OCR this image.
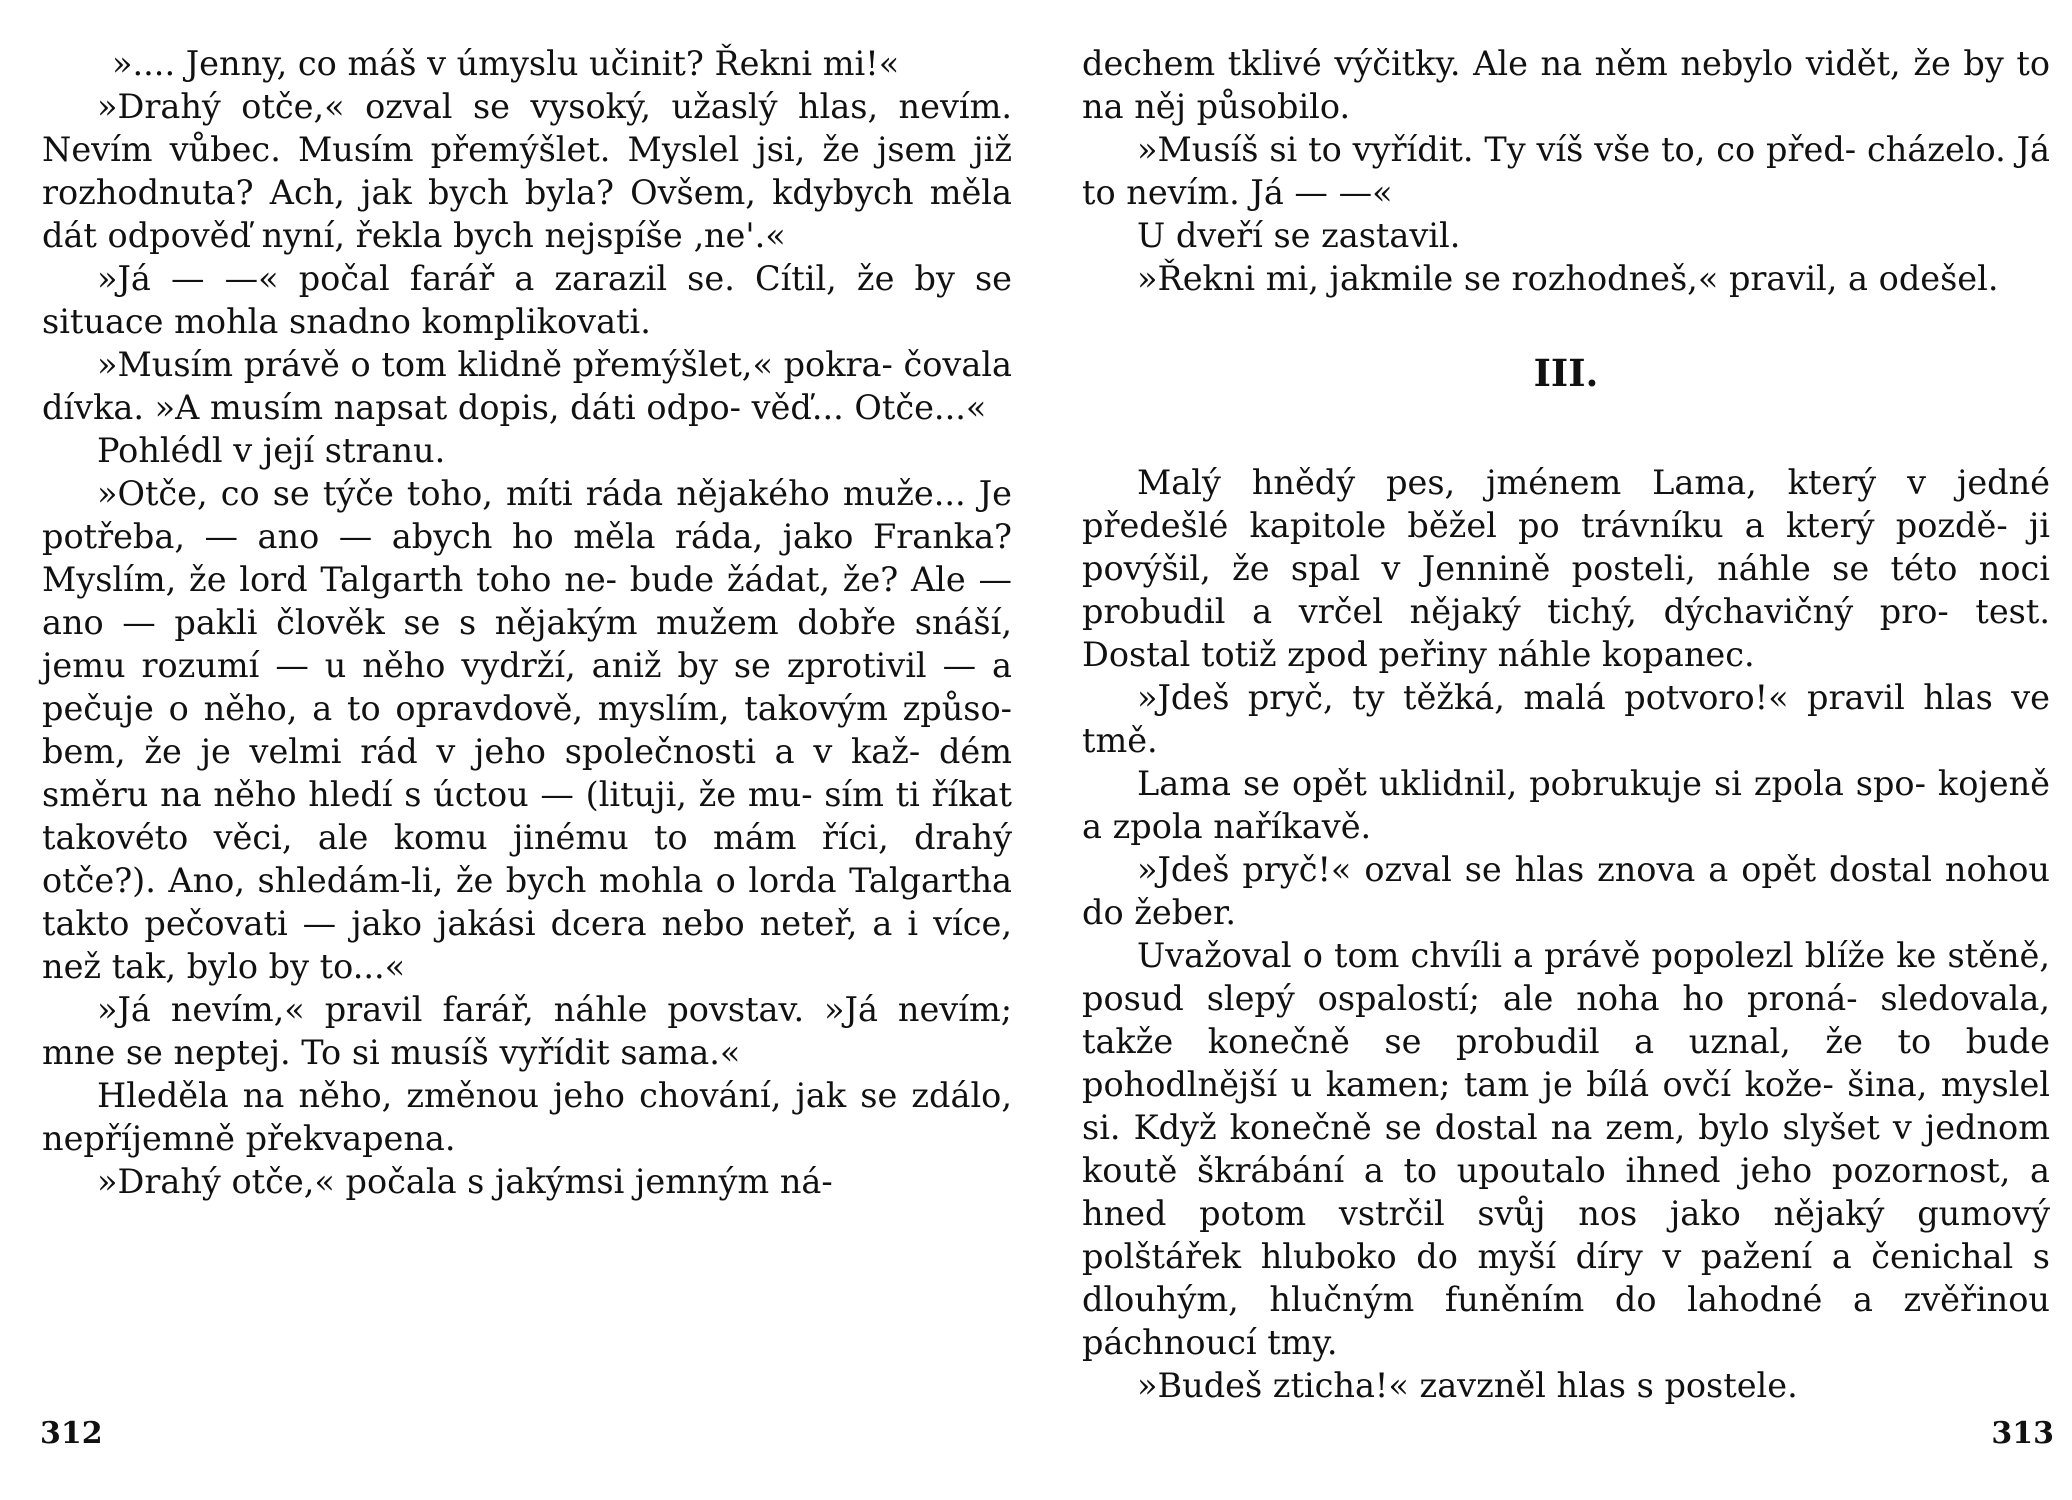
».... Jenny, co máš v úmyslu učinit? Řekni mi!«

»Drahý otče,« ozval se vysoký, užaslý hlas, nevím. Nevím vůbec. Musím přemýšlet. Myslel jsi, že jsem již rozhodnuta? Ach, jak bych byla? Ovšem, kdybych měla dát odpověď nyní, řekla bych nejspíše ‚ne'.«

»Já — —« počal farář a zarazil se. Cítil, že by se situace mohla snadno komplikovati.

»Musím právě o tom klidně přemýšlet,« pokra- čovala dívka. »A musím napsat dopis, dáti odpo- věď... Otče...«

Pohlédl v její stranu.

»Otče, co se týče toho, míti ráda nějakého muže... Je potřeba, — ano — abych ho měla ráda, jako Franka? Myslím, že lord Talgarth toho ne- bude žádat, že? Ale — ano — pakli člověk se s nějakým mužem dobře snáší, jemu rozumí — u něho vydrží, aniž by se zprotivil — a pečuje o něho, a to opravdově, myslím, takovým způso- bem, že je velmi rád v jeho společnosti a v kaž- dém směru na něho hledí s úctou — (lituji, že mu- sím ti říkat takovéto věci, ale komu jinému to mám říci, drahý otče?). Ano, shledám-li, že bych mohla o lorda Talgartha takto pečovati — jako jakási dcera nebo neteř, a i více, než tak, bylo by to...«

»Já nevím,« pravil farář, náhle povstav. »Já nevím; mne se neptej. To si musíš vyřídit sama.«

Hleděla na něho, změnou jeho chování, jak se zdálo, nepříjemně překvapena.

»Drahý otče,« počala s jakýmsi jemným ná-

dechem tklivé výčitky. Ale na něm nebylo vidět, že by to na něj působilo.

»Musíš si to vyřídit. Ty víš vše to, co před- cházelo. Já to nevím. Já — —«

U dveří se zastavil.

»Řekni mi, jakmile se rozhodneš,« pravil, a odešel.

III.

Malý hnědý pes, jménem Lama, který v jedné předešlé kapitole běžel po trávníku a který pozdě- ji povýšil, že spal v Jennině posteli, náhle se této noci probudil a vrčel nějaký tichý, dýchavičný pro- test. Dostal totiž zpod peřiny náhle kopanec.

»Jdeš pryč, ty těžká, malá potvoro!« pravil hlas ve tmě.

Lama se opět uklidnil, pobrukuje si zpola spo- kojeně a zpola naříkavě.

»Jdeš pryč!« ozval se hlas znova a opět dostal nohou do žeber.

Uvažoval o tom chvíli a právě popolezl blíže ke stěně, posud slepý ospalostí; ale noha ho proná- sledovala, takže konečně se probudil a uznal, že to bude pohodlnější u kamen; tam je bílá ovčí kože- šina, myslel si. Když konečně se dostal na zem, bylo slyšet v jednom koutě škrábání a to upoutalo ihned jeho pozornost, a hned potom vstrčil svůj nos jako nějaký gumový polštářek hluboko do myší díry v pažení a čenichal s dlouhým, hlučným funěním do lahodné a zvěřinou páchnoucí tmy.

»Budeš zticha!« zavzněl hlas s postele.

312	313
